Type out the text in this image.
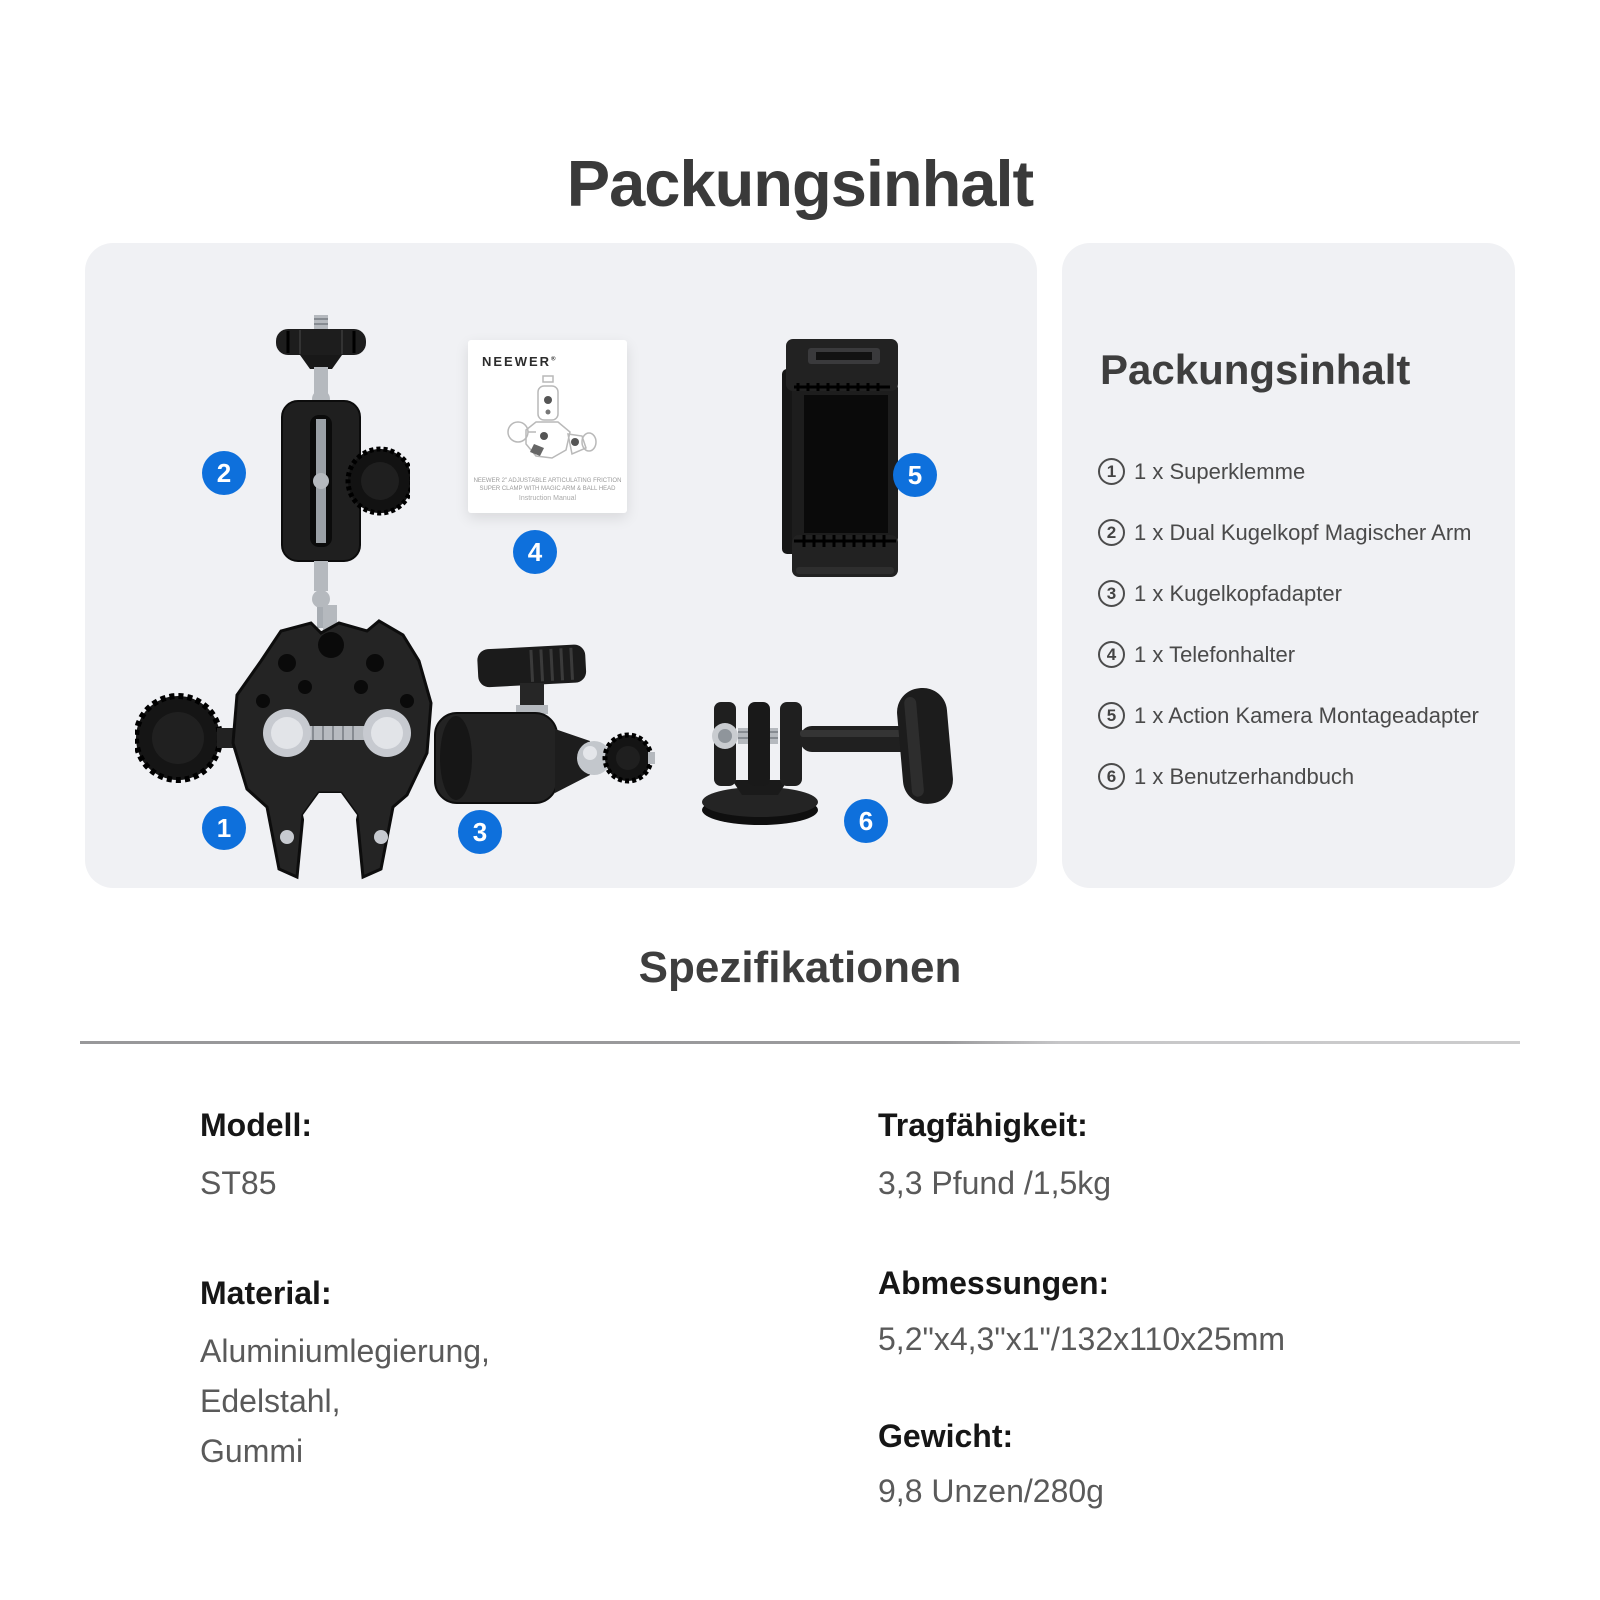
Packungsinhalt
NEEWER®
NEEWER 2" ADJUSTABLE ARTICULATING FRICTION
SUPER CLAMP WITH MAGIC ARM & BALL HEAD
Instruction Manual
1
2
3
4
5
6
Packungsinhalt
1 1 x Superklemme
2 1 x Dual Kugelkopf Magischer Arm
3 1 x Kugelkopfadapter
4 1 x Telefonhalter
5 1 x Action Kamera Montageadapter
6 1 x Benutzerhandbuch
Spezifikationen
Modell:
ST85
Material:
Aluminiumlegierung,
Edelstahl,
Gummi
Tragfähigkeit:
3,3 Pfund /1,5kg
Abmessungen:
5,2"x4,3"x1"/132x110x25mm
Gewicht:
9,8 Unzen/280g
